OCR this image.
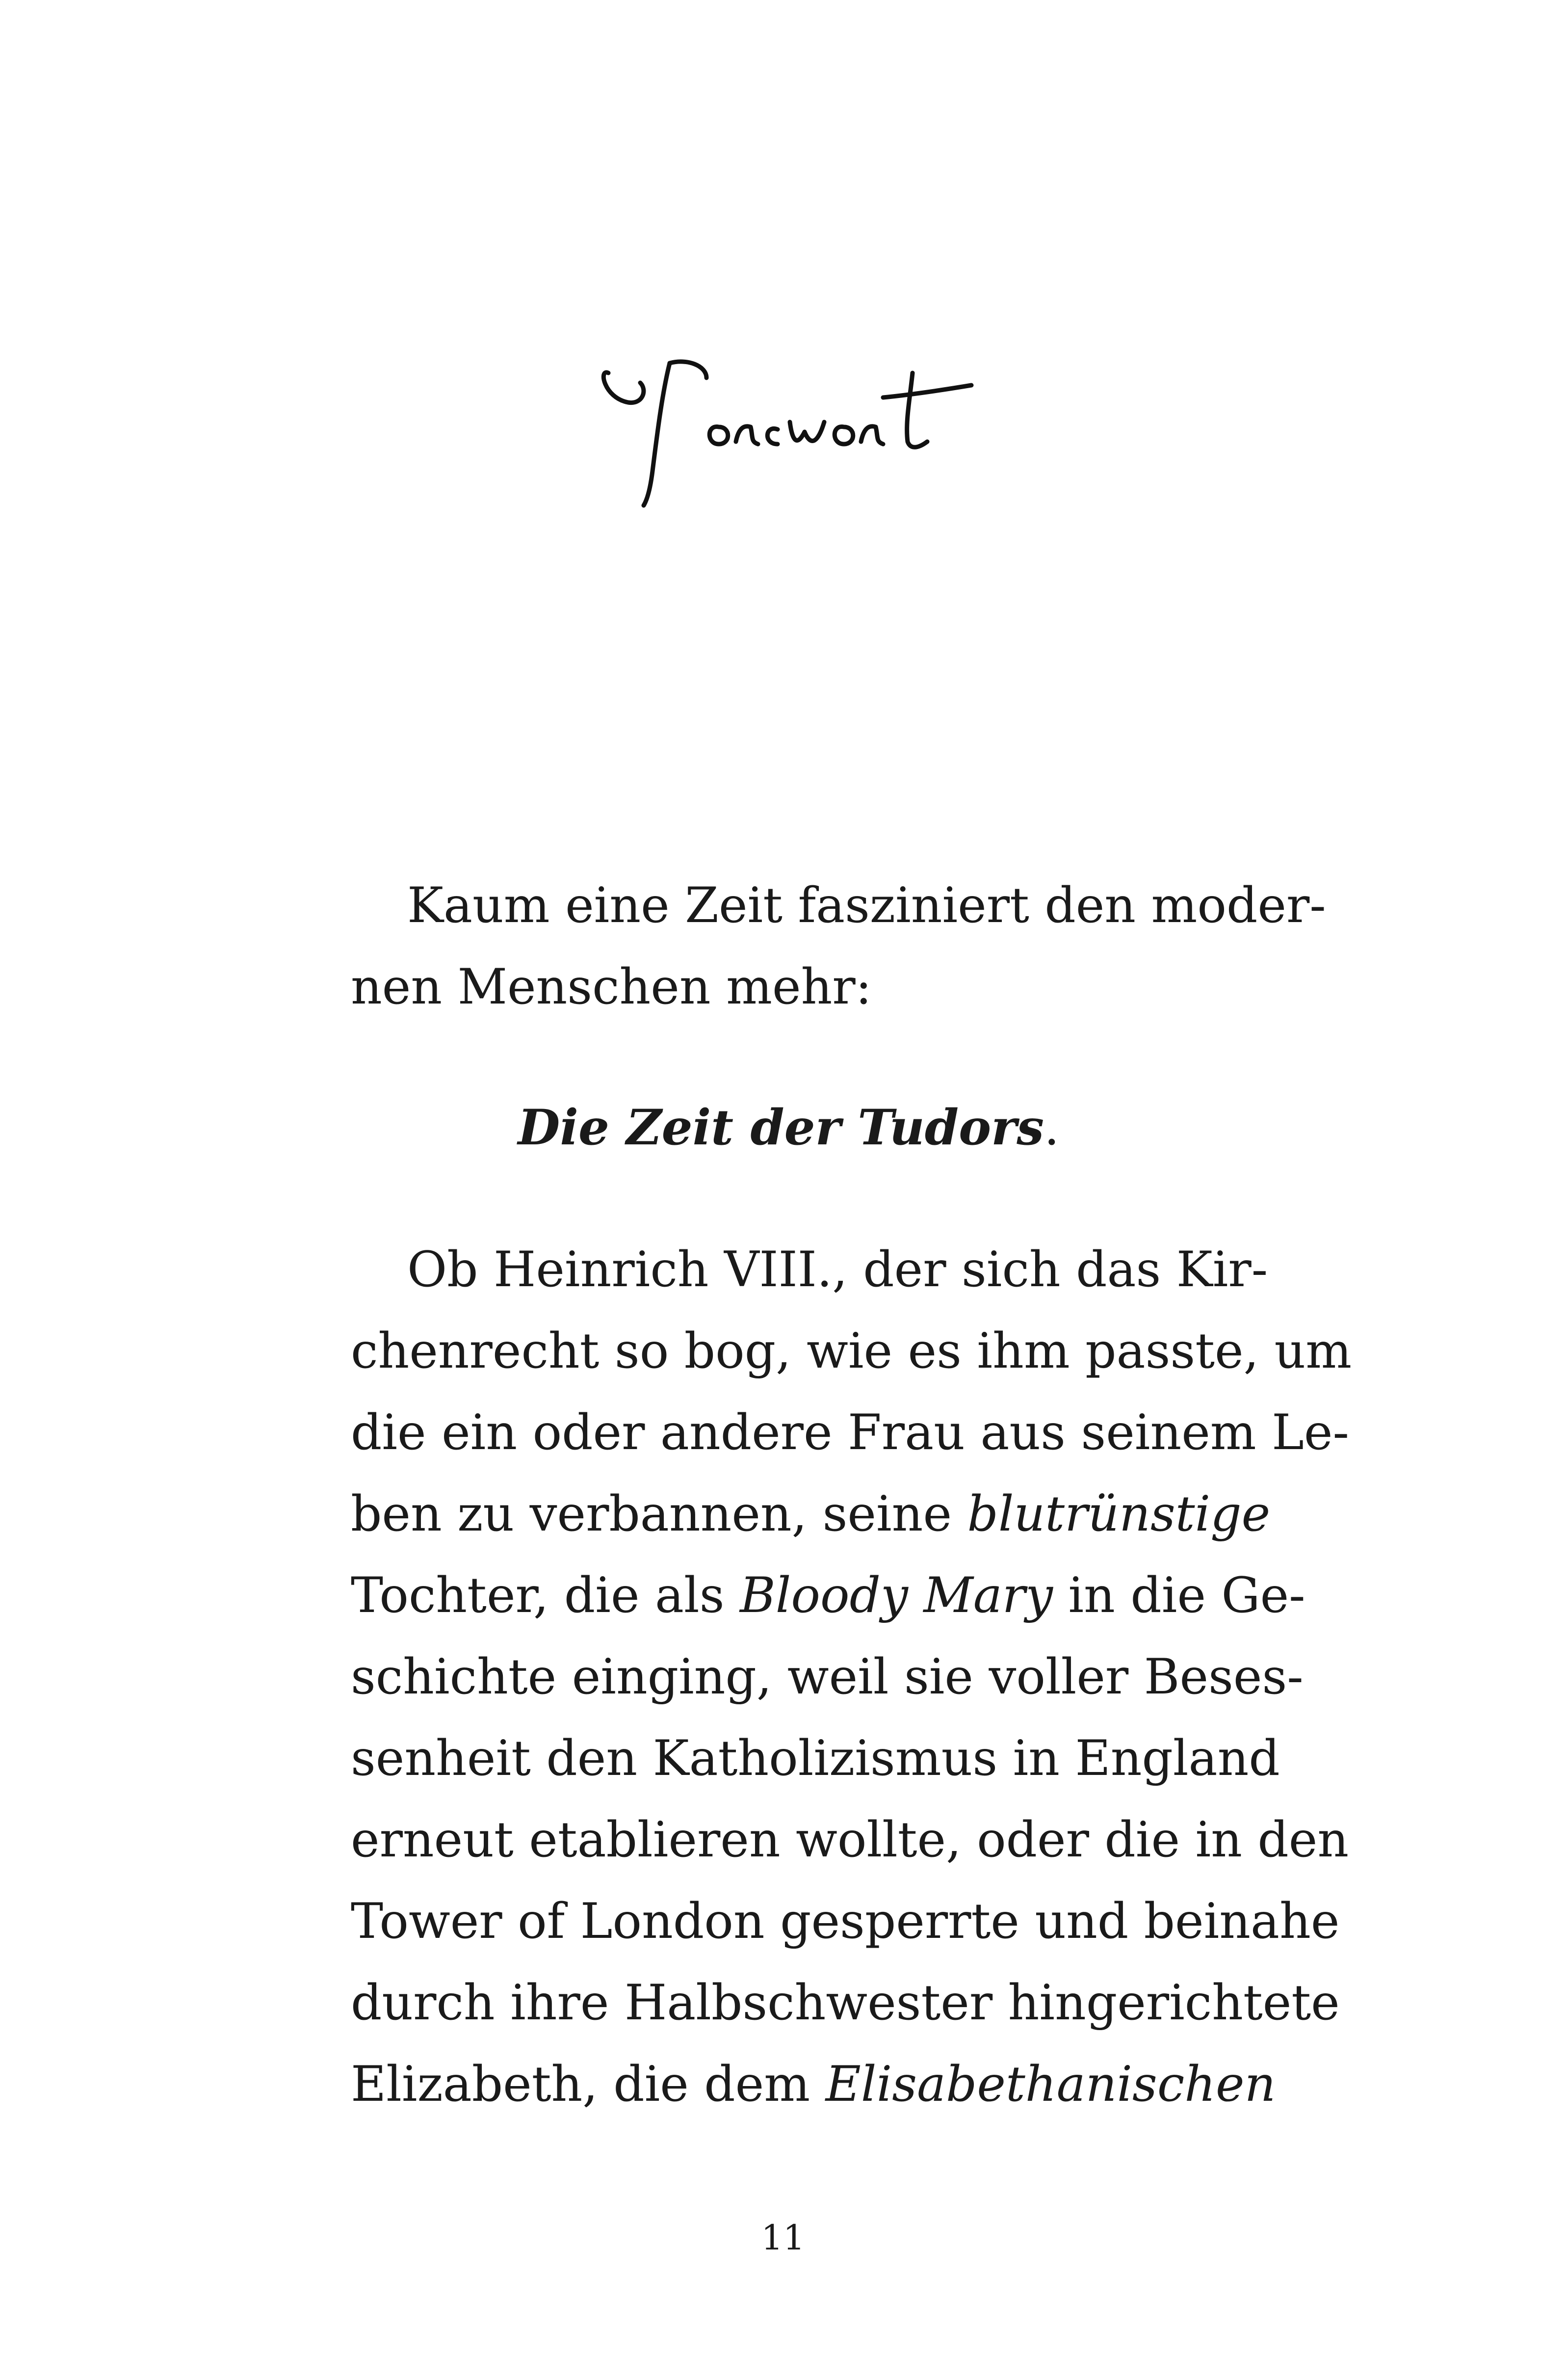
Kaum eine Zeit fasziniert den moder-
nen Menschen mehr:
Die Zeit der Tudors.
Ob Heinrich VIII., der sich das Kir-
chenrecht so bog, wie es ihm passte, um
die ein oder andere Frau aus seinem Le-
ben zu verbannen, seine blutrünstige
Tochter, die als Bloody Mary in die Ge-
schichte einging, weil sie voller Beses-
senheit den Katholizismus in England
erneut etablieren wollte, oder die in den
Tower of London gesperrte und beinahe
durch ihre Halbschwester hingerichtete
Elizabeth, die dem Elisabethanischen
11
